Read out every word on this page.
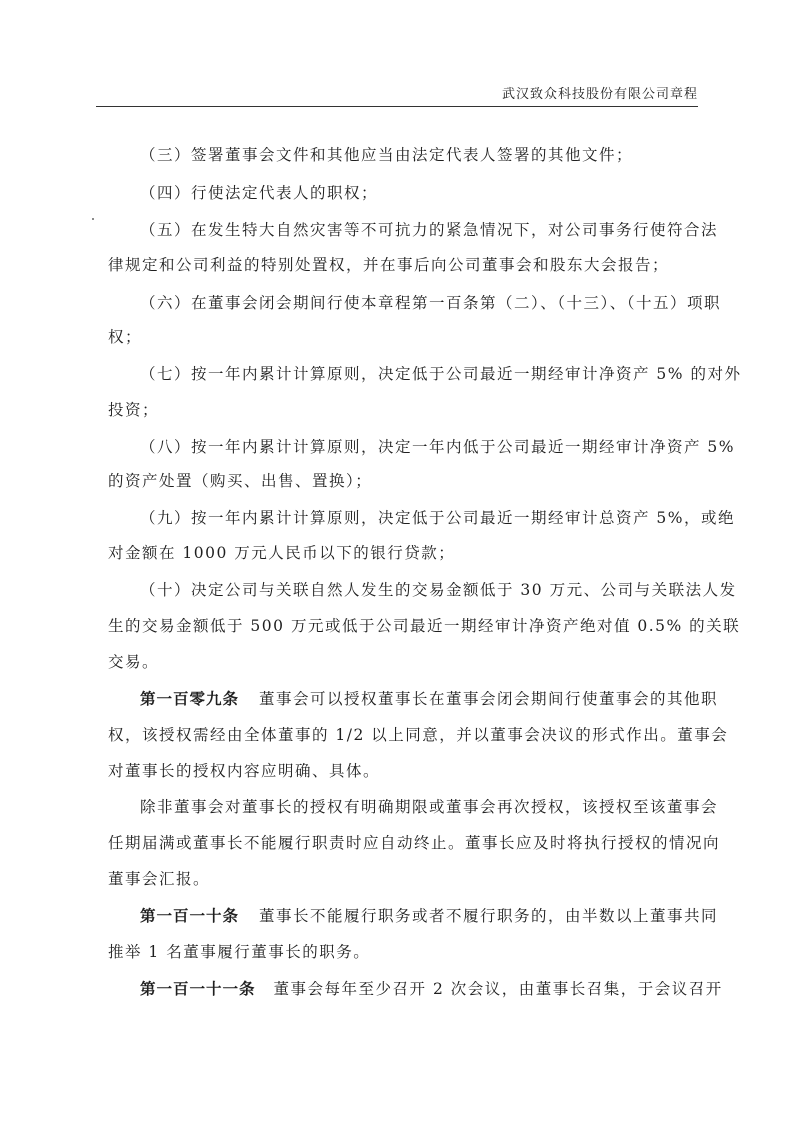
武汉致众科技股份有限公司章程
（三）签署董事会文件和其他应当由法定代表人签署的其他文件；
（四）行使法定代表人的职权；
（五）在发生特大自然灾害等不可抗力的紧急情况下，对公司事务行使符合法
律规定和公司利益的特别处置权，并在事后向公司董事会和股东大会报告；
（六）在董事会闭会期间行使本章程第一百条第（二）、（十三）、（十五）项职
权；
（七）按一年内累计计算原则，决定低于公司最近一期经审计净资产 5% 的对外
投资；
（八）按一年内累计计算原则，决定一年内低于公司最近一期经审计净资产 5%
的资产处置（购买、出售、置换）；
（九）按一年内累计计算原则，决定低于公司最近一期经审计总资产 5%，或绝
对金额在 1000 万元人民币以下的银行贷款；
（十）决定公司与关联自然人发生的交易金额低于 30 万元、公司与关联法人发
生的交易金额低于 500 万元或低于公司最近一期经审计净资产绝对值 0.5% 的关联
交易。
第一百零九条 董事会可以授权董事长在董事会闭会期间行使董事会的其他职
权，该授权需经由全体董事的 1/2 以上同意，并以董事会决议的形式作出。董事会
对董事长的授权内容应明确、具体。
除非董事会对董事长的授权有明确期限或董事会再次授权，该授权至该董事会
任期届满或董事长不能履行职责时应自动终止。董事长应及时将执行授权的情况向
董事会汇报。
第一百一十条 董事长不能履行职务或者不履行职务的，由半数以上董事共同
推举 1 名董事履行董事长的职务。
第一百一十一条 董事会每年至少召开 2 次会议，由董事长召集，于会议召开
